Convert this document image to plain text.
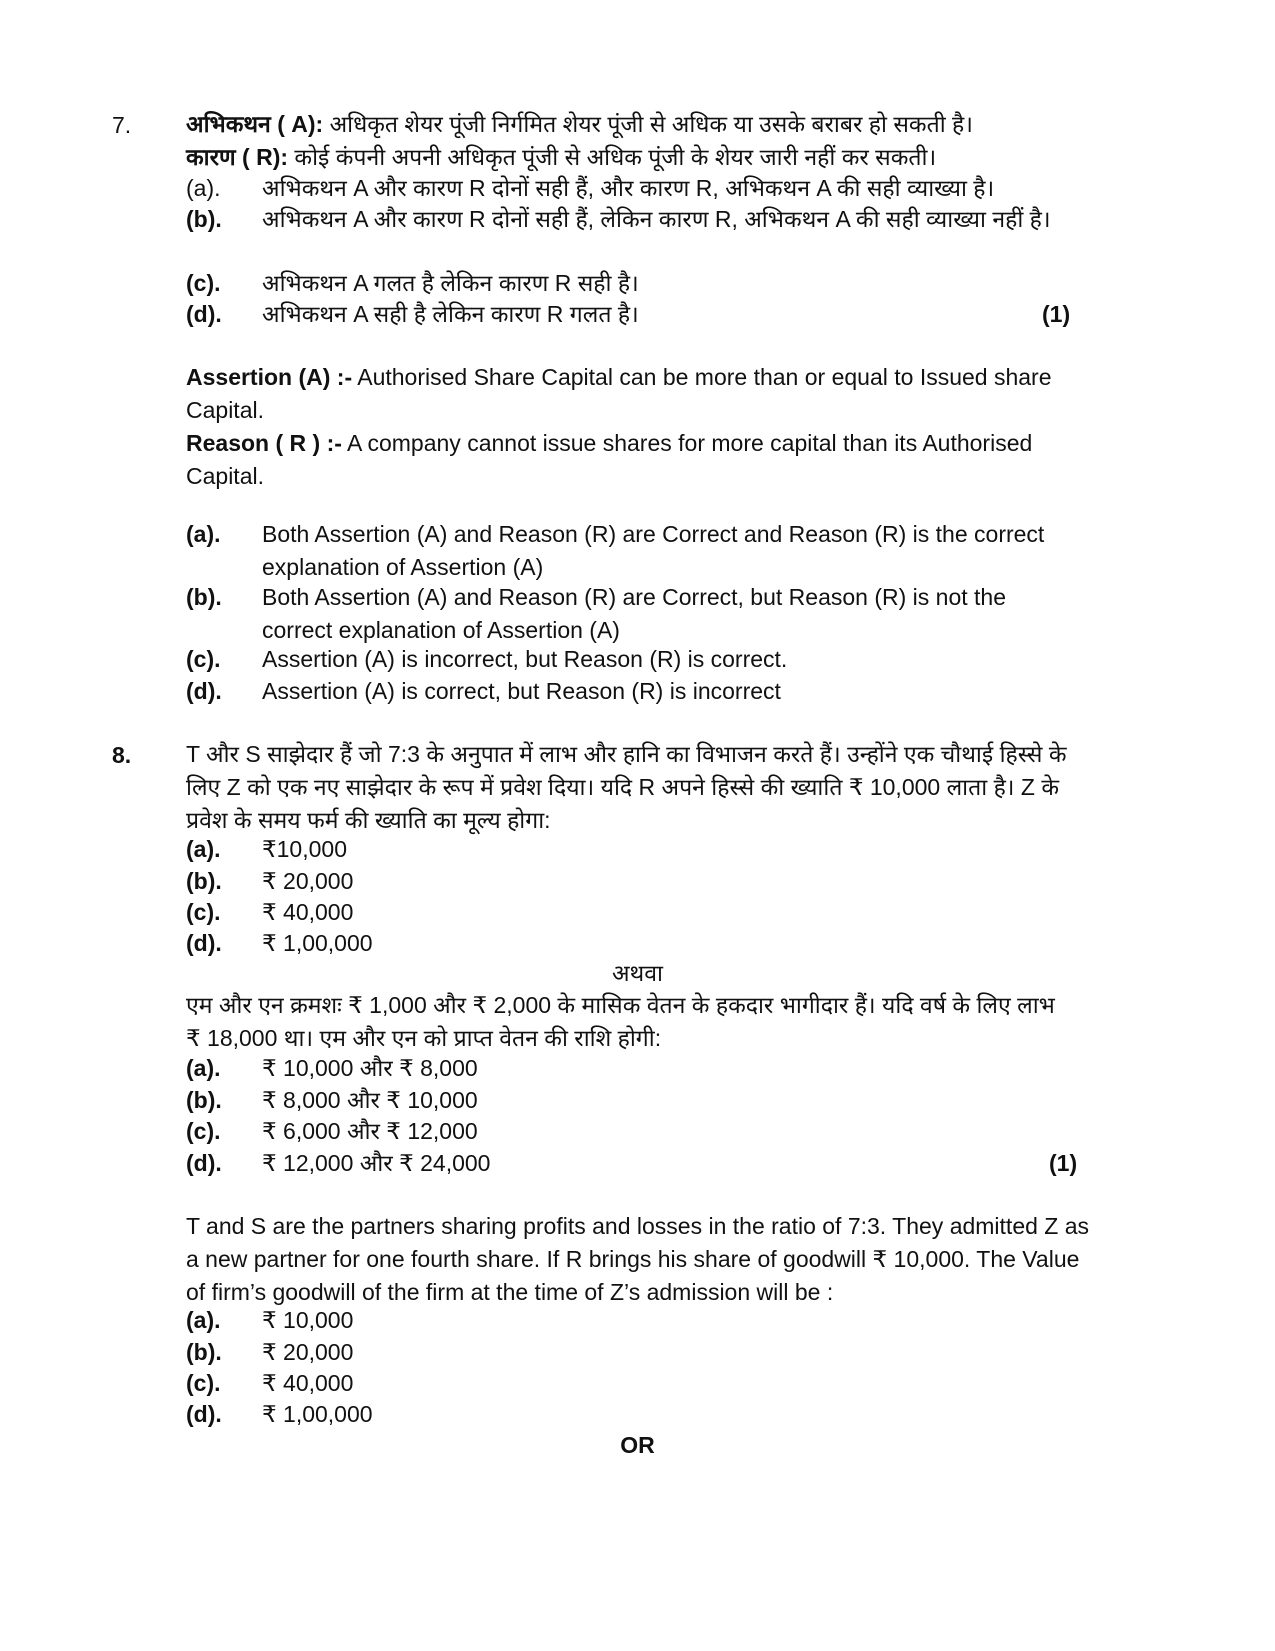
7. अभिकथन ( A): अधिकृत शेयर पूंजी निर्गमित शेयर पूंजी से अधिक या उसके बराबर हो सकती है।
कारण ( R): कोई कंपनी अपनी अधिकृत पूंजी से अधिक पूंजी के शेयर जारी नहीं कर सकती।
(a). अभिकथन A और कारण R दोनों सही हैं, और कारण R, अभिकथन A की सही व्याख्या है।
(b). अभिकथन A और कारण R दोनों सही हैं, लेकिन कारण R, अभिकथन A की सही व्याख्या नहीं है।
(c). अभिकथन A गलत है लेकिन कारण R सही है।
(d). अभिकथन A सही है लेकिन कारण R गलत है।	(1)
Assertion (A) :- Authorised Share Capital can be more than or equal to Issued share Capital.
Reason ( R ) :- A company cannot issue shares for more capital than its Authorised Capital.
(a). Both Assertion (A) and Reason (R) are Correct and Reason (R) is the correct explanation of Assertion (A)
(b). Both Assertion (A) and Reason (R) are Correct, but Reason (R) is not the correct explanation of Assertion (A)
(c). Assertion (A) is incorrect, but Reason (R) is correct.
(d). Assertion (A) is correct, but Reason (R) is incorrect
8. T और S साझेदार हैं जो 7:3 के अनुपात में लाभ और हानि का विभाजन करते हैं। उन्होंने एक चौथाई हिस्से के लिए Z को एक नए साझेदार के रूप में प्रवेश दिया। यदि R अपने हिस्से की ख्याति ₹ 10,000 लाता है। Z के प्रवेश के समय फर्म की ख्याति का मूल्य होगा:
(a). ₹10,000
(b). ₹ 20,000
(c). ₹ 40,000
(d). ₹ 1,00,000
अथवा
एम और एन क्रमशः ₹ 1,000 और ₹ 2,000 के मासिक वेतन के हकदार भागीदार हैं। यदि वर्ष के लिए लाभ ₹ 18,000 था। एम और एन को प्राप्त वेतन की राशि होगी:
(a). ₹ 10,000 और ₹ 8,000
(b). ₹ 8,000 और ₹ 10,000
(c). ₹ 6,000 और ₹ 12,000
(d). ₹ 12,000 और ₹ 24,000	(1)
T and S are the partners sharing profits and losses in the ratio of 7:3. They admitted Z as a new partner for one fourth share. If R brings his share of goodwill ₹ 10,000. The Value of firm’s goodwill of the firm at the time of Z’s admission will be :
(a). ₹ 10,000
(b). ₹ 20,000
(c). ₹ 40,000
(d). ₹ 1,00,000
OR
